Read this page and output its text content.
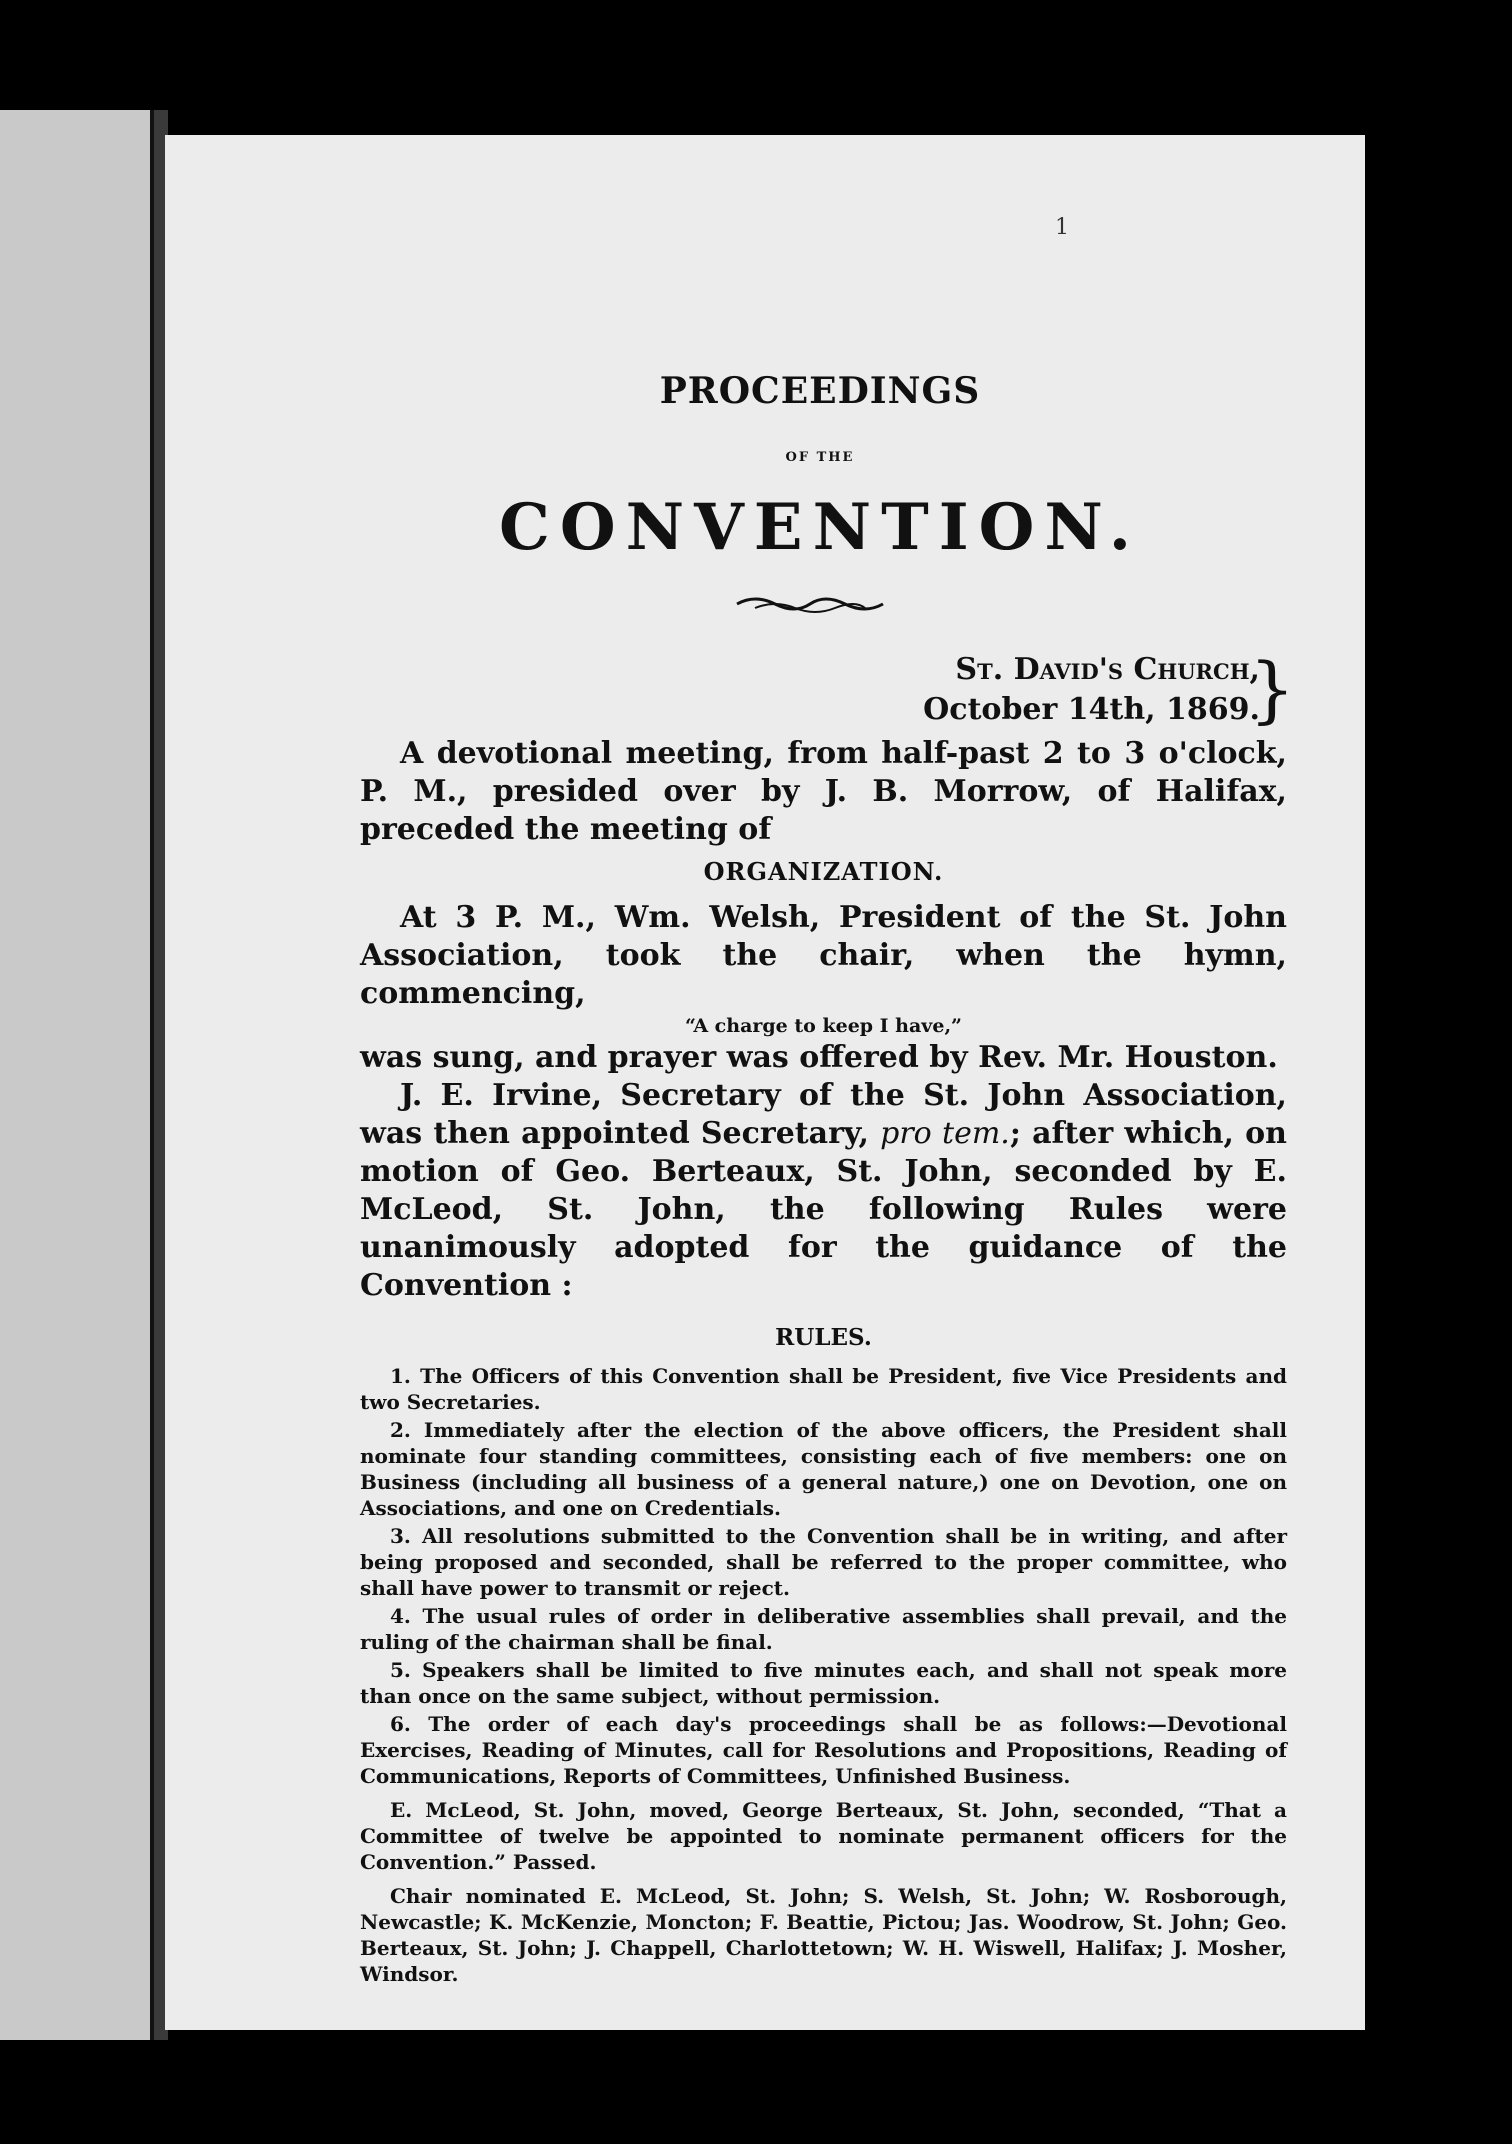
1
PROCEEDINGS
OF THE
CONVENTION.
St. David's Church,
October 14th, 1869.
}

A devotional meeting, from half-past 2 to 3 o'clock, P. M., presided over by J. B. Morrow, of Halifax, preceded the meeting of

ORGANIZATION.

At 3 P. M., Wm. Welsh, President of the St. John Association, took the chair, when the hymn, commencing,

“A charge to keep I have,”

was sung, and prayer was offered by Rev. Mr. Houston.

J. E. Irvine, Secretary of the St. John Association, was then appointed Secretary, pro tem.; after which, on motion of Geo. Berteaux, St. John, seconded by E. McLeod, St. John, the following Rules were unanimously adopted for the guidance of the Convention :

RULES.

1. The Officers of this Convention shall be President, five Vice Presidents and two Secretaries.

2. Immediately after the election of the above officers, the President shall nominate four standing committees, consisting each of five members: one on Business (including all business of a general nature,) one on Devotion, one on Associations, and one on Credentials.

3. All resolutions submitted to the Convention shall be in writing, and after being proposed and seconded, shall be referred to the proper committee, who shall have power to transmit or reject.

4. The usual rules of order in deliberative assemblies shall prevail, and the ruling of the chairman shall be final.

5. Speakers shall be limited to five minutes each, and shall not speak more than once on the same subject, without permission.

6. The order of each day's proceedings shall be as follows:—Devotional Exercises, Reading of Minutes, call for Resolutions and Propositions, Reading of Communications, Reports of Committees, Unfinished Business.

E. McLeod, St. John, moved, George Berteaux, St. John, seconded, “That a Committee of twelve be appointed to nominate permanent officers for the Convention.” Passed.

Chair nominated E. McLeod, St. John; S. Welsh, St. John; W. Rosborough, Newcastle; K. McKenzie, Moncton; F. Beattie, Pictou; Jas. Woodrow, St. John; Geo. Berteaux, St. John; J. Chappell, Charlottetown; W. H. Wiswell, Halifax; J. Mosher, Windsor.
